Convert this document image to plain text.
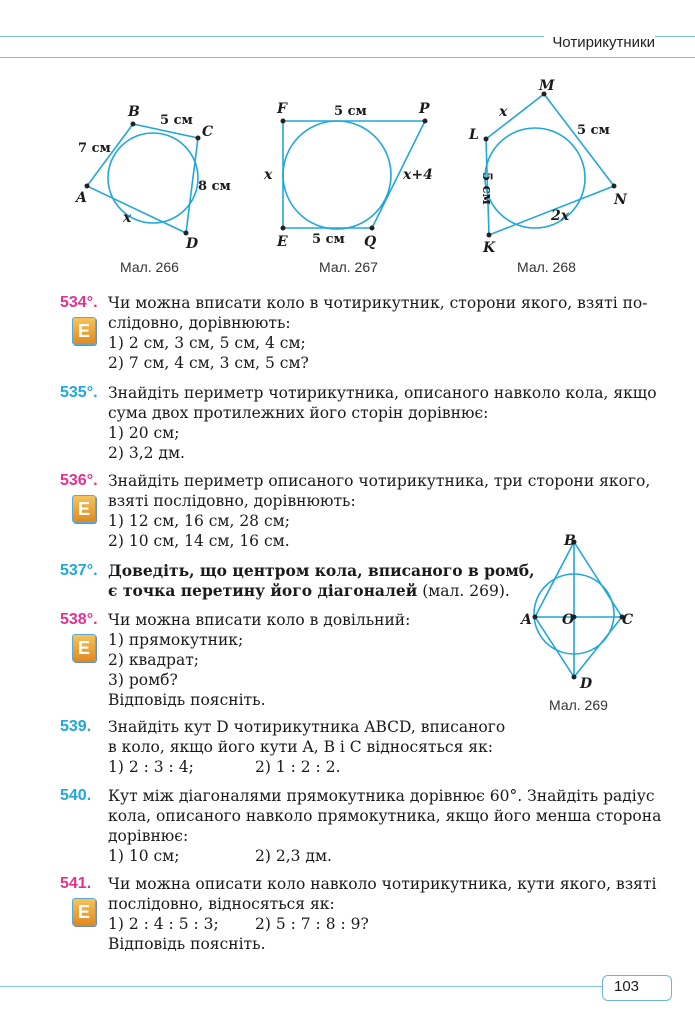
Чотирикутники
A
B
C
D
7 см
5 см
8 см
x
Мал. 266
F	P
E	Q
5 см
5 см
x	x+4
Мал. 267
M
L
N
K
x
5 см
5 см
2x
Мал. 268
B
C
A
D
O
Мал. 269
534°.
E
Чи можна вписати коло в чотирикутник, сторони якого, взяті по-
слідовно, дорівнюють:
1) 2 см, 3 см, 5 см, 4 см;
2) 7 см, 4 см, 3 см, 5 см?
535°. Знайдіть периметр чотирикутника, описаного навколо кола, якщо
сума двох протилежних його сторін дорівнює:
1) 20 см;
2) 3,2 дм.
536°.
E
Знайдіть периметр описаного чотирикутника, три сторони якого,
взяті послідовно, дорівнюють:
1) 12 см, 16 см, 28 см;
2) 10 см, 14 см, 16 см.
537°. Доведіть, що центром кола, вписаного в ромб,
є точка перетину його діагоналей (мал. 269).
538°.
E
Чи можна вписати коло в довільний:
1) прямокутник;
2) квадрат;
3) ромб?
Відповідь поясніть.
539. Знайдіть кут D чотирикутника ABCD, вписаного
в коло, якщо його кути A, B і C відносяться як:
1) 2 : 3 : 4;	2) 1 : 2 : 2.
540. Кут між діагоналями прямокутника дорівнює 60°. Знайдіть радіус
кола, описаного навколо прямокутника, якщо його менша сторона
дорівнює:
1) 10 см;	2) 2,3 дм.
541.
E
Чи можна описати коло навколо чотирикутника, кути якого, взяті
послідовно, відносяться як:
1) 2 : 4 : 5 : 3; 2) 5 : 7 : 8 : 9?
Відповідь поясніть.
103
